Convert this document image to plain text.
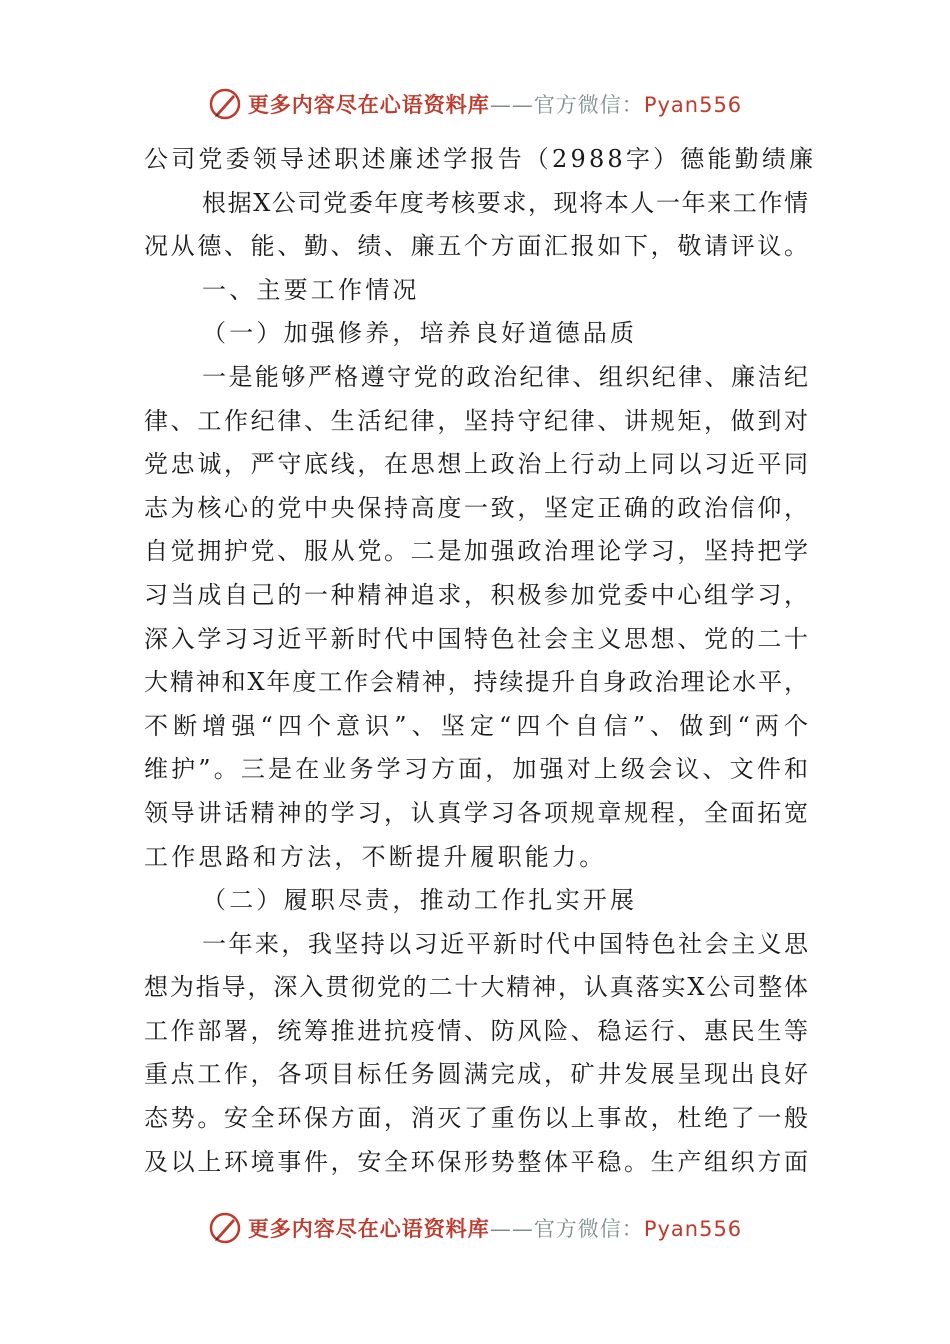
更多内容尽在心语资料库——官方微信：Pyan556
公司党委领导述职述廉述学报告（2988字）德能勤绩廉
根据X公司党委年度考核要求，现将本人一年来工作情
况从德、能、勤、绩、廉五个方面汇报如下，敬请评议。
一、主要工作情况
（一）加强修养，培养良好道德品质
一是能够严格遵守党的政治纪律、组织纪律、廉洁纪
律、工作纪律、生活纪律，坚持守纪律、讲规矩，做到对
党忠诚，严守底线，在思想上政治上行动上同以习近平同
志为核心的党中央保持高度一致，坚定正确的政治信仰，
自觉拥护党、服从党。二是加强政治理论学习，坚持把学
习当成自己的一种精神追求，积极参加党委中心组学习，
深入学习习近平新时代中国特色社会主义思想、党的二十
大精神和X年度工作会精神，持续提升自身政治理论水平，
不断增强“四个意识”、坚定“四个自信”、做到“两个
维护”。三是在业务学习方面，加强对上级会议、文件和
领导讲话精神的学习，认真学习各项规章规程，全面拓宽
工作思路和方法，不断提升履职能力。
（二）履职尽责，推动工作扎实开展
一年来，我坚持以习近平新时代中国特色社会主义思
想为指导，深入贯彻党的二十大精神，认真落实X公司整体
工作部署，统筹推进抗疫情、防风险、稳运行、惠民生等
重点工作，各项目标任务圆满完成，矿井发展呈现出良好
态势。安全环保方面，消灭了重伤以上事故，杜绝了一般
及以上环境事件，安全环保形势整体平稳。生产组织方面
更多内容尽在心语资料库——官方微信：Pyan556
